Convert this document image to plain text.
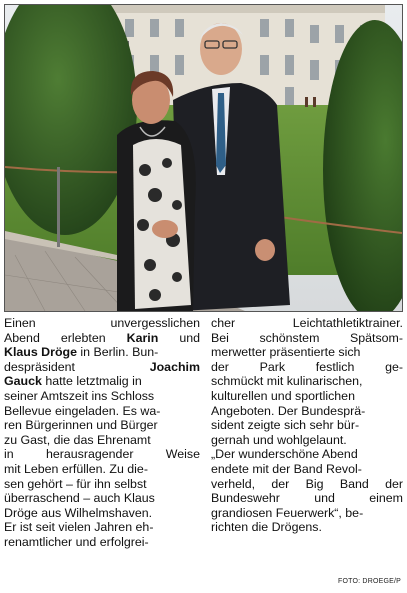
Einen unvergesslichen
Abend erlebten Karin und
Klaus Dröge in Berlin. Bun-
despräsident Joachim
Gauck hatte letztmalig in
seiner Amtszeit ins Schloss
Bellevue eingeladen. Es wa-
ren Bürgerinnen und Bürger
zu Gast, die das Ehrenamt
in herausragender Weise
mit Leben erfüllen. Zu die-
sen gehört – für ihn selbst
überraschend – auch Klaus
Dröge aus Wilhelmshaven.
Er ist seit vielen Jahren eh-
renamtlicher und erfolgrei-
cher Leichtathletiktrainer.
Bei schönstem Spätsom-
merwetter präsentierte sich
der Park festlich ge-
schmückt mit kulinarischen,
kulturellen und sportlichen
Angeboten. Der Bundesprä-
sident zeigte sich sehr bür-
gernah und wohlgelaunt.
„Der wunderschöne Abend
endete mit der Band Revol-
verheld, der Big Band der
Bundeswehr und einem
grandiosen Feuerwerk“, be-
richten die Drögens.
FOTO: DROEGE/P
